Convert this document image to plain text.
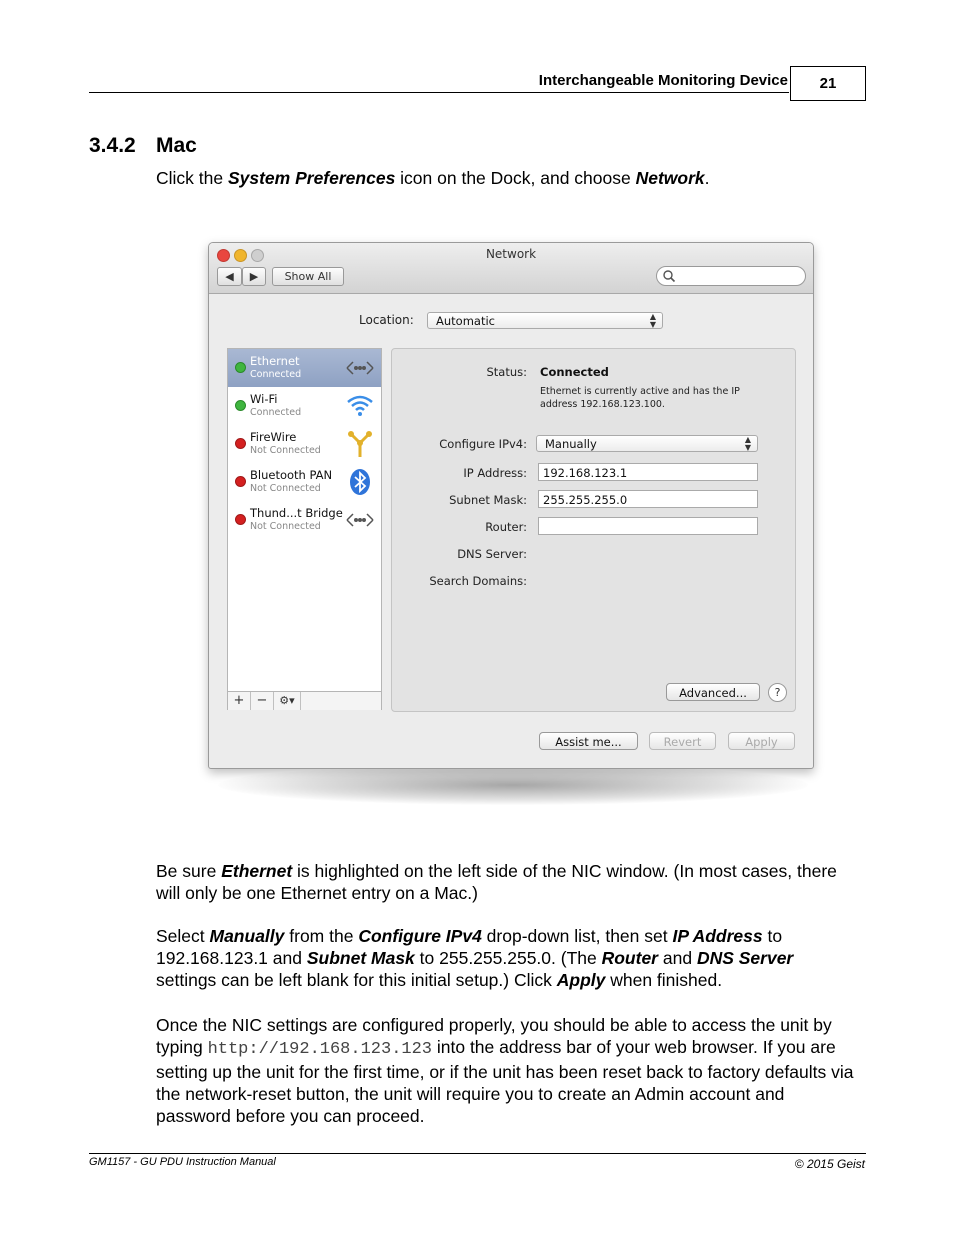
Interchangeable Monitoring Device	21
3.4.2 Mac
Click the System Preferences icon on the Dock, and choose Network.
Network
◀	▶	Show All
Location:	Automatic	▲
▼
Ethernet
Connected
Wi-Fi
Connected
FireWire
Not Connected
Bluetooth PAN
Not Connected
Thund...t Bridge
Not Connected
+ −	⚙▾
Status: Connected
Ethernet is currently active and has the IP address 192.168.123.100.
Configure IPv4:	Manually	▲
▼
IP Address:	192.168.123.1
Subnet Mask:	255.255.255.0
Router:
DNS Server:
Search Domains:
Advanced...	?
Assist me...	Revert	Apply
Be sure Ethernet is highlighted on the left side of the NIC window. (In most cases, there will only be one Ethernet entry on a Mac.)
Select Manually from the Configure IPv4 drop-down list, then set IP Address to 192.168.123.1 and Subnet Mask to 255.255.255.0. (The Router and DNS Server settings can be left blank for this initial setup.) Click Apply when finished.
Once the NIC settings are configured properly, you should be able to access the unit by typing http://192.168.123.123 into the address bar of your web browser. If you are setting up the unit for the first time, or if the unit has been reset back to factory defaults via the network-reset button, the unit will require you to create an Admin account and password before you can proceed.
GM1157 - GU PDU Instruction Manual	© 2015 Geist
